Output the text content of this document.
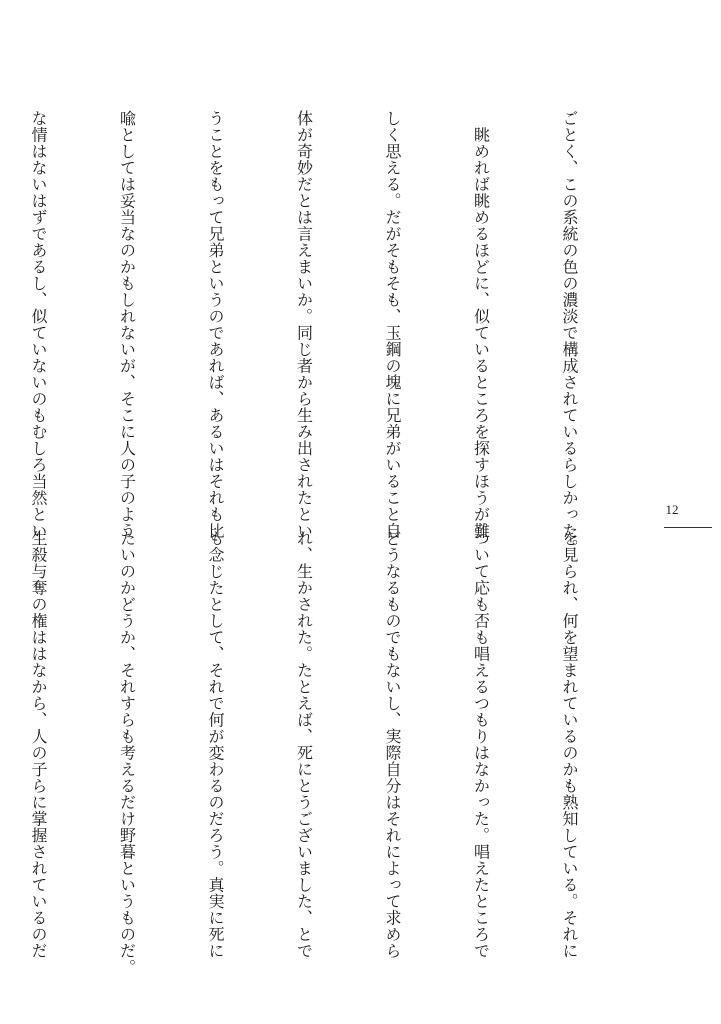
ごとく、この系統の色の濃淡で構成されているらしかった。

　眺めれば眺めるほどに、似ているところを探すほうが難

しく思える。だがそもそも、玉鋼の塊に兄弟がいること自

体が奇妙だとは言えまいか。同じ者から生み出されたとい

うことをもって兄弟というのであれば、あるいはそれも比

喩としては妥当なのかもしれないが、そこに人の子のよう

な情はないはずであるし、似ていないのもむしろ当然とい

	12

を見られ、何を望まれているのかも熟知している。それに

ついて応も否も唱えるつもりはなかった。唱えたところで

どうなるものでもないし、実際自分はそれによって求めら

れ、生かされた。たとえば、死にとうございました、とで

も念じたとして、それで何が変わるのだろう。真実に死に

たいのかどうか、それすらも考えるだけ野暮というものだ。

生殺与奪の権ははなから、人の子らに掌握されているのだ
